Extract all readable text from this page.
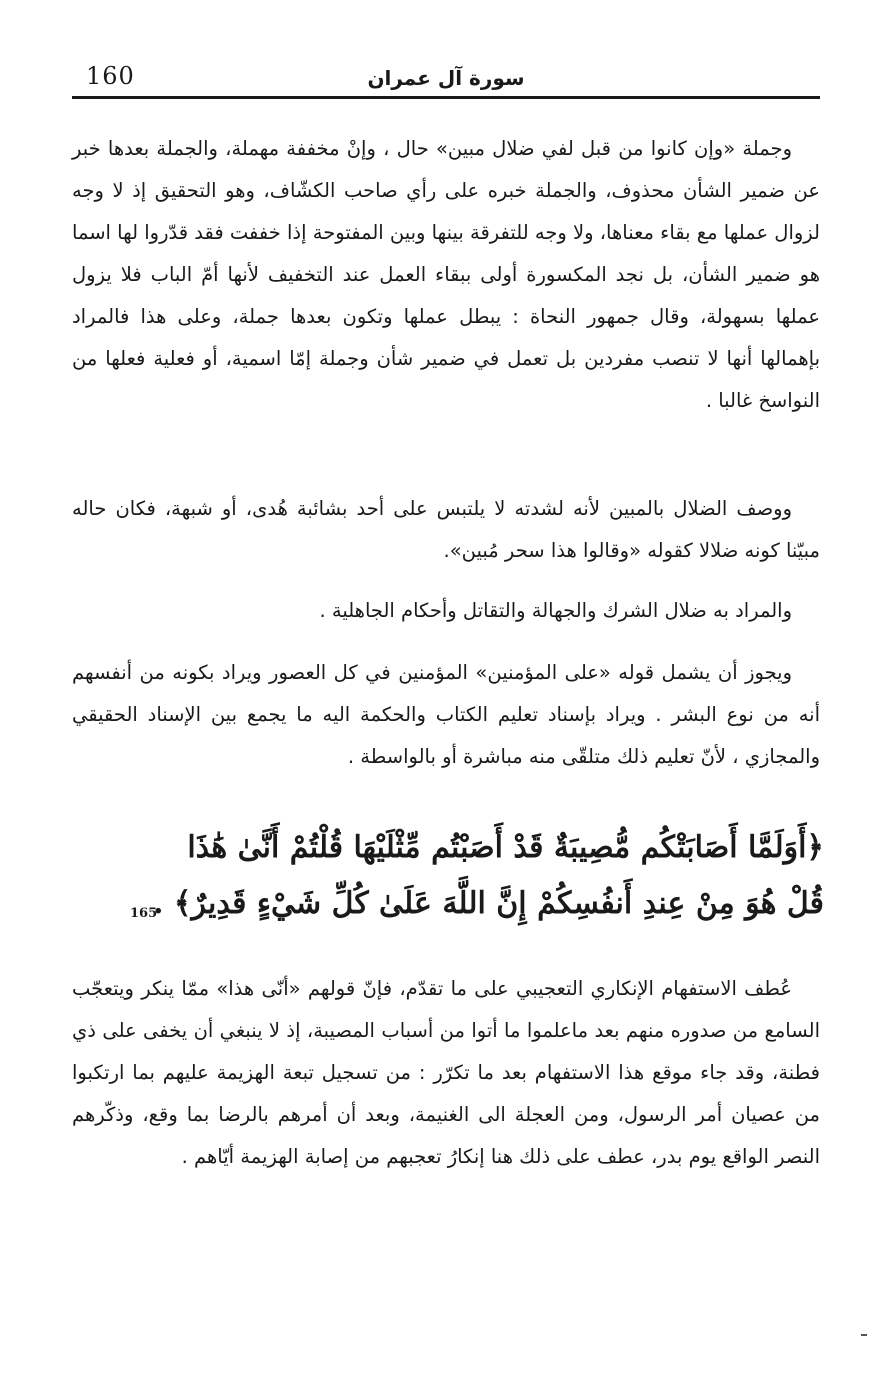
160	سورة آل عمران

وجملة «وإن كانوا من قبل لفي ضلال مبين» حال ، وإنْ مخففة مهملة، والجملة بعدها خبر عن ضمير الشأن محذوف، والجملة خبره على رأي صاحب الكشّاف، وهو التحقيق إذ لا وجه لزوال عملها مع بقاء معناها، ولا وجه للتفرقة بينها وبين المفتوحة إذا خففت فقد قدّروا لها اسما هو ضمير الشأن، بل نجد المكسورة أولى ببقاء العمل عند التخفيف لأنها أمّ الباب فلا يزول عملها بسهولة، وقال جمهور النحاة : يبطل عملها وتكون بعدها جملة، وعلى هذا فالمراد بإهمالها أنها لا تنصب مفردين بل تعمل في ضمير شأن وجملة إمّا اسمية، أو فعلية فعلها من النواسخ غالبا .

ووصف الضلال بالمبين لأنه لشدته لا يلتبس على أحد بشائبة هُدى، أو شبهة، فكان حاله مبيّنا كونه ضلالا كقوله «وقالوا هذا سحر مُبين».

والمراد به ضلال الشرك والجهالة والتقاتل وأحكام الجاهلية .

ويجوز أن يشمل قوله «على المؤمنين» المؤمنين في كل العصور ويراد بكونه من أنفسهم أنه من نوع البشر . ويراد بإسناد تعليم الكتاب والحكمة اليه ما يجمع بين الإسناد الحقيقي والمجازي ، لأنّ تعليم ذلك متلقّى منه مباشرة أو بالواسطة .

﴿أَوَلَمَّا أَصَابَتْكُم مُّصِيبَةٌ قَدْ أَصَبْتُم مِّثْلَيْهَا قُلْتُمْ أَنَّىٰ هَٰذَا
قُلْ هُوَ مِنْ عِندِ أَنفُسِكُمْ إِنَّ اللَّهَ عَلَىٰ كُلِّ شَيْءٍ قَدِيرٌ﴾ .
165

عُطف الاستفهام الإنكاري التعجيبي على ما تقدّم، فإنّ قولهم «أنّى هذا» ممّا ينكر ويتعجّب السامع من صدوره منهم بعد ماعلموا ما أتوا من أسباب المصيبة، إذ لا ينبغي أن يخفى على ذي فطنة، وقد جاء موقع هذا الاستفهام بعد ما تكرّر : من تسجيل تبعة الهزيمة عليهم بما ارتكبوا من عصيان أمر الرسول، ومن العجلة الى الغنيمة، وبعد أن أمرهم بالرضا بما وقع، وذكّرهم النصر الواقع يوم بدر، عطف على ذلك هنا إنكارُ تعجبهم من إصابة الهزيمة أيّاهم .
